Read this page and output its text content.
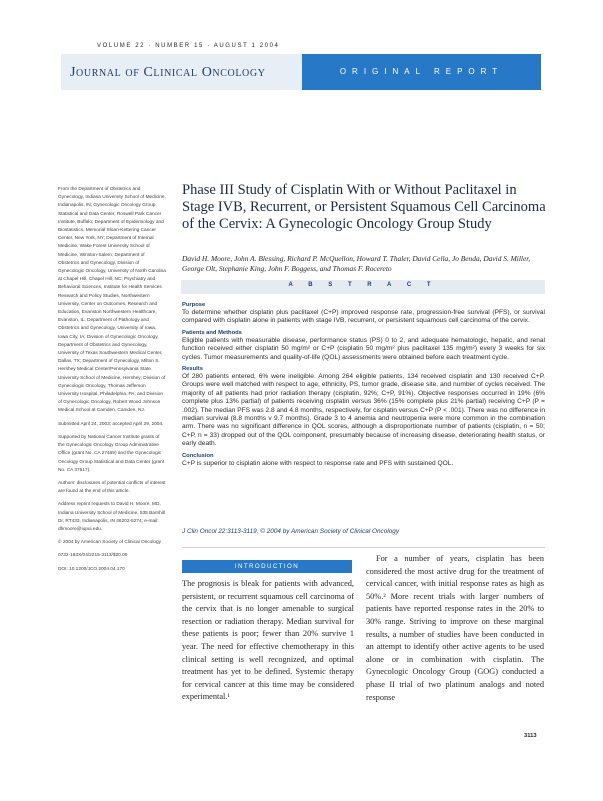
VOLUME 22 · NUMBER 15 · AUGUST 1 2004
Journal of Clinical Oncology	ORIGINAL REPORT

From the Department of Obstetrics and Gynecology, Indiana University School of Medicine, Indianapolis, IN; Gynecologic Oncology Group Statistical and Data Center, Roswell Park Cancer Institute, Buffalo; Department of Epidemiology and Biostatistics, Memorial Sloan-Kettering Cancer Center, New York, NY; Department of Internal Medicine, Wake Forest University School of Medicine, Winston-Salem; Department of Obstetrics and Gynecology, Division of Gynecologic Oncology, University of North Carolina at Chapel Hill, Chapel Hill, NC; Psychiatry and Behavioral Sciences, Institute for Health Services Research and Policy Studies, Northwestern University, Center on Outcomes, Research and Education, Evanston Northwestern Healthcare, Evanston, IL; Department of Pathology and Obstetrics and Gynecology, University of Iowa, Iowa City, IA; Division of Gynecologic Oncology, Department of Obstetrics and Gynecology, University of Texas Southwestern Medical Center, Dallas, TX; Department of Gynecology, Milton S. Hershey Medical Center/Pennsylvania State University School of Medicine, Hershey; Division of Gynecologic Oncology, Thomas Jefferson University Hospital, Philadelphia, PA; and Division of Gynecologic Oncology, Robert Wood Johnson Medical School at Camden, Camden, NJ.

Submitted April 24, 2003; accepted April 29, 2004.

Supported by National Cancer Institute grants of the Gynecologic Oncology Group Administrative Office (grant No. CA 27469) and the Gynecologic Oncology Group Statistical and Data Center (grant No. CA 37517).

Authors' disclosures of potential conflicts of interest are found at the end of this article.

Address reprint requests to David H. Moore, MD, Indiana University School of Medicine, 535 Barnhill Dr, RT433, Indianapolis, IN 46202-5274; e-mail: dhmoore@iupui.edu.

© 2004 by American Society of Clinical Oncology

0732-183X/04/2215-3113/$20.00

DOI: 10.1200/JCO.2004.04.170

Phase III Study of Cisplatin With or Without Paclitaxel in Stage IVB, Recurrent, or Persistent Squamous Cell Carcinoma of the Cervix: A Gynecologic Oncology Group Study
David H. Moore, John A. Blessing, Richard P. McQuellon, Howard T. Thaler, David Cella, Jo Benda, David S. Miller, George Olt, Stephanie King, John F. Boggess, and Thomas F. Rocereto
A B S T R A C T

Purpose

To determine whether cisplatin plus paclitaxel (C+P) improved response rate, progression-free survival (PFS), or survival compared with cisplatin alone in patients with stage IVB, recurrent, or persistent squamous cell carcinoma of the cervix.

Patients and Methods

Eligible patients with measurable disease, performance status (PS) 0 to 2, and adequate hematologic, hepatic, and renal function received either cisplatin 50 mg/m² or C+P (cisplatin 50 mg/m² plus paclitaxel 135 mg/m²) every 3 weeks for six cycles. Tumor measurements and quality-of-life (QOL) assessments were obtained before each treatment cycle.

Results

Of 280 patients entered, 6% were ineligible. Among 264 eligible patients, 134 received cisplatin and 130 received C+P. Groups were well matched with respect to age, ethnicity, PS, tumor grade, disease site, and number of cycles received. The majority of all patients had prior radiation therapy (cisplatin, 92%; C+P, 91%). Objective responses occurred in 19% (6% complete plus 13% partial) of patients receiving cisplatin versus 36% (15% complete plus 21% partial) receiving C+P (P = .002). The median PFS was 2.8 and 4.8 months, respectively, for cisplatin versus C+P (P < .001). There was no difference in median survival (8.8 months v 9.7 months). Grade 3 to 4 anemia and neutropenia were more common in the combination arm. There was no significant difference in QOL scores, although a disproportionate number of patients (cisplatin, n = 50; C+P, n = 33) dropped out of the QOL component, presumably because of increasing disease, deteriorating health status, or early death.

Conclusion

C+P is superior to cisplatin alone with respect to response rate and PFS with sustained QOL.

J Clin Oncol 22:3113-3119. © 2004 by American Society of Clinical Oncology
INTRODUCTION
The prognosis is bleak for patients with advanced, persistent, or recurrent squamous cell carcinoma of the cervix that is no longer amenable to surgical resection or radiation therapy. Median survival for these patients is poor; fewer than 20% survive 1 year. The need for effective chemotherapy in this clinical setting is well recognized, and optimal treatment has yet to be defined. Systemic therapy for cervical cancer at this time may be considered experimental.¹
For a number of years, cisplatin has been considered the most active drug for the treatment of cervical cancer, with initial response rates as high as 50%.² More recent trials with larger numbers of patients have reported response rates in the 20% to 30% range. Striving to improve on these marginal results, a number of studies have been conducted in an attempt to identify other active agents to be used alone or in combination with cisplatin. The Gynecologic Oncology Group (GOG) conducted a phase II trial of two platinum analogs and noted response
3113
